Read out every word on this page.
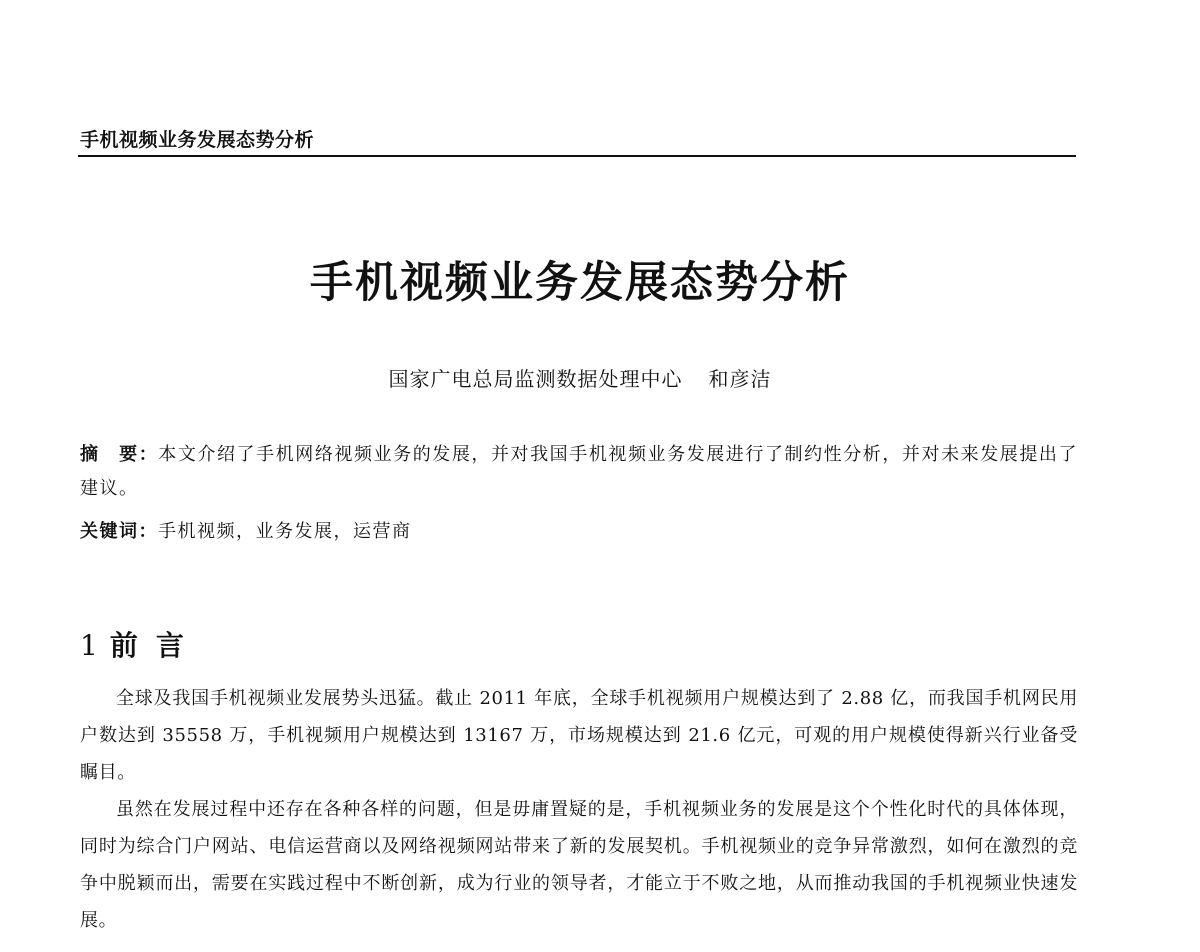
手机视频业务发展态势分析
手机视频业务发展态势分析
国家广电总局监测数据处理中心 和彦洁
摘　要：本文介绍了手机网络视频业务的发展，并对我国手机视频业务发展进行了制约性分析，并对未来发展提出了建议。
关键词：手机视频，业务发展，运营商
1 前言

全球及我国手机视频业发展势头迅猛。截止 2011 年底，全球手机视频用户规模达到了 2.88 亿，而我国手机网民用户数达到 35558 万，手机视频用户规模达到 13167 万，市场规模达到 21.6 亿元，可观的用户规模使得新兴行业备受瞩目。

虽然在发展过程中还存在各种各样的问题，但是毋庸置疑的是，手机视频业务的发展是这个个性化时代的具体体现，同时为综合门户网站、电信运营商以及网络视频网站带来了新的发展契机。手机视频业的竞争异常激烈，如何在激烈的竞争中脱颖而出，需要在实践过程中不断创新，成为行业的领导者，才能立于不败之地，从而推动我国的手机视频业快速发展。
